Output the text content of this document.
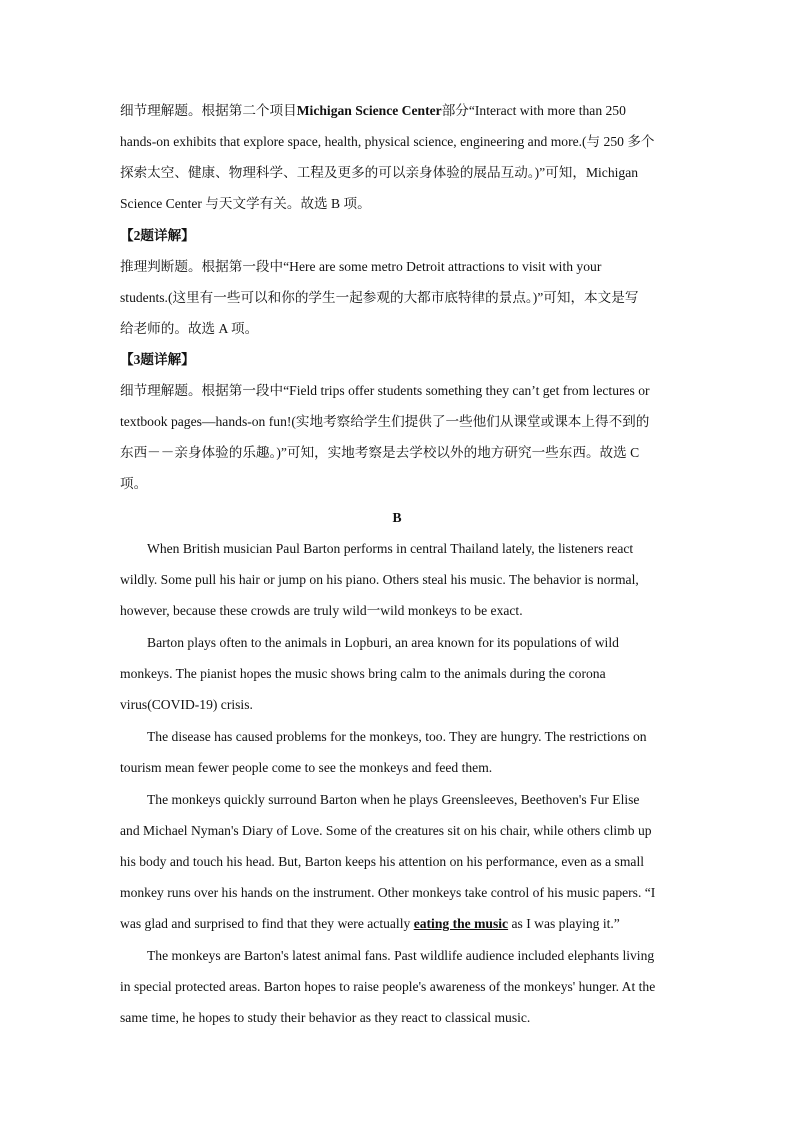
细节理解题。根据第二个项目Michigan Science Center部分“Interact with more than 250
hands-on exhibits that explore space, health, physical science, engineering and more.(与 250 多个
探索太空、健康、物理科学、工程及更多的可以亲身体验的展品互动。)”可知，Michigan
Science Center 与天文学有关。故选 B 项。
【2题详解】
推理判断题。根据第一段中“Here are some metro Detroit attractions to visit with your
students.(这里有一些可以和你的学生一起参观的大都市底特律的景点。)”可知，本文是写
给老师的。故选 A 项。
【3题详解】
细节理解题。根据第一段中“Field trips offer students something they can’t get from lectures or
textbook pages—hands-on fun!(实地考察给学生们提供了一些他们从课堂或课本上得不到的
东西－－亲身体验的乐趣。)”可知，实地考察是去学校以外的地方研究一些东西。故选 C
项。
B
When British musician Paul Barton performs in central Thailand lately, the listeners react
wildly. Some pull his hair or jump on his piano. Others steal his music. The behavior is normal,
however, because these crowds are truly wild一wild monkeys to be exact.
Barton plays often to the animals in Lopburi, an area known for its populations of wild
monkeys. The pianist hopes the music shows bring calm to the animals during the corona
virus(COVID-19) crisis.
The disease has caused problems for the monkeys, too. They are hungry. The restrictions on
tourism mean fewer people come to see the monkeys and feed them.
The monkeys quickly surround Barton when he plays Greensleeves, Beethoven's Fur Elise
and Michael Nyman's Diary of Love. Some of the creatures sit on his chair, while others climb up
his body and touch his head. But, Barton keeps his attention on his performance, even as a small
monkey runs over his hands on the instrument. Other monkeys take control of his music papers. “I
was glad and surprised to find that they were actually eating the music as I was playing it.”
The monkeys are Barton's latest animal fans. Past wildlife audience included elephants living
in special protected areas. Barton hopes to raise people's awareness of the monkeys' hunger. At the
same time, he hopes to study their behavior as they react to classical music.
